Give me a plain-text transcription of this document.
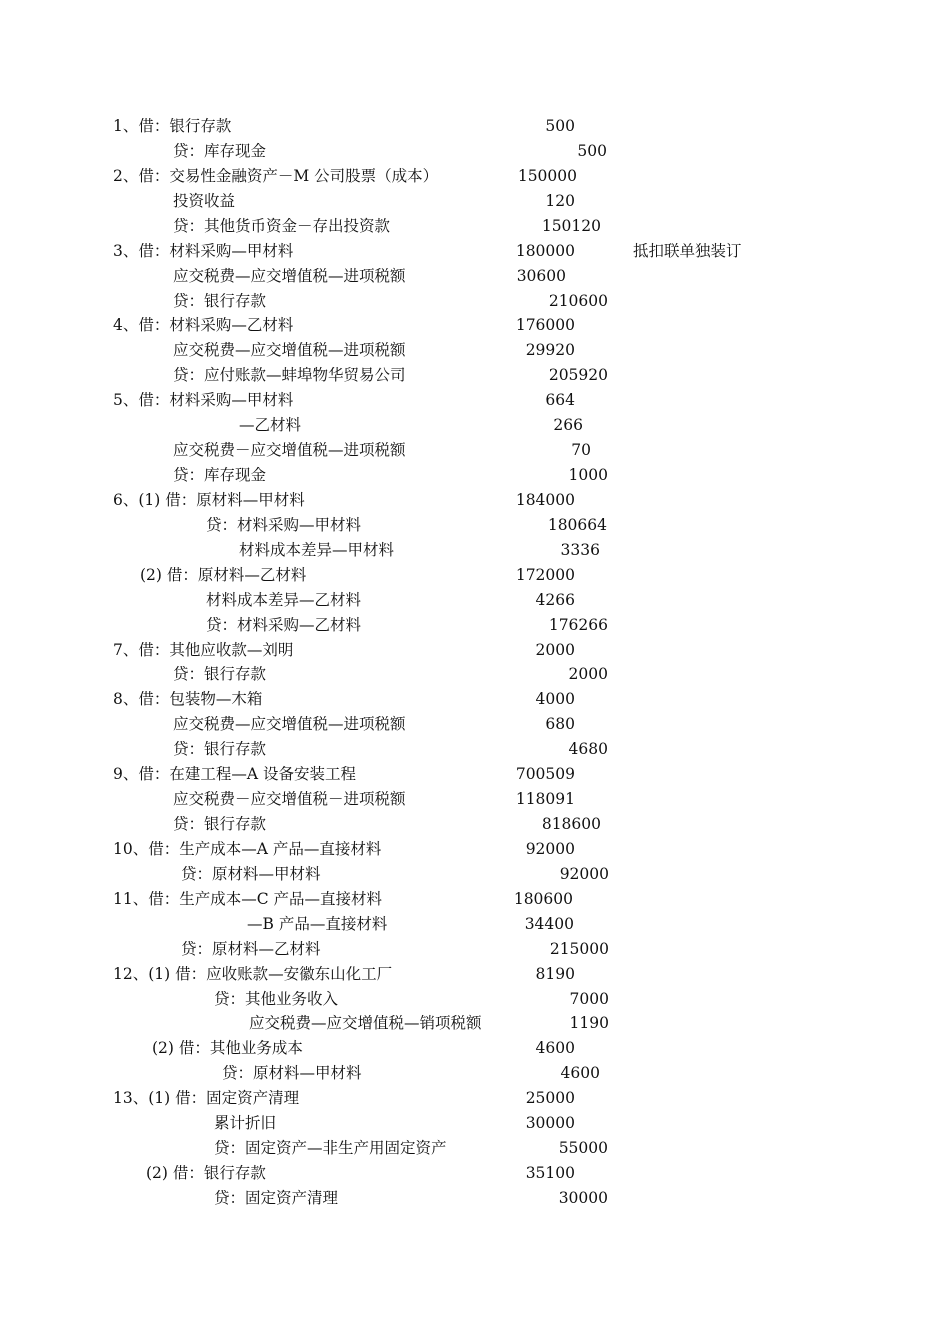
1、借：银行存款	500
贷：库存现金	500
2、借：交易性金融资产－M 公司股票（成本）	150000
投资收益	120
贷：其他货币资金－存出投资款	150120
3、借：材料采购—甲材料	180000	抵扣联单独装订
应交税费—应交增值税—进项税额	30600
贷：银行存款	210600
4、借：材料采购—乙材料	176000
应交税费—应交增值税—进项税额	29920
贷：应付账款—蚌埠物华贸易公司	205920
5、借：材料采购—甲材料	664
—乙材料	266
应交税费－应交增值税—进项税额	70
贷：库存现金	1000
6、(1) 借：原材料—甲材料	184000
贷：材料采购—甲材料	180664
材料成本差异—甲材料	3336
(2) 借：原材料—乙材料	172000
材料成本差异—乙材料	4266
贷：材料采购—乙材料	176266
7、借：其他应收款—刘明	2000
贷：银行存款	2000
8、借：包装物—木箱	4000
应交税费—应交增值税—进项税额	680
贷：银行存款	4680
9、借：在建工程—A 设备安装工程	700509
应交税费－应交增值税－进项税额	118091
贷：银行存款	818600
10、借：生产成本—A 产品—直接材料	92000
贷：原材料—甲材料	92000
11、借：生产成本—C 产品—直接材料	180600
—B 产品—直接材料	34400
贷：原材料—乙材料	215000
12、(1) 借：应收账款—安徽东山化工厂	8190
贷：其他业务收入	7000
应交税费—应交增值税—销项税额	1190
(2) 借：其他业务成本	4600
贷：原材料—甲材料	4600
13、(1) 借：固定资产清理	25000
累计折旧	30000
贷：固定资产—非生产用固定资产	55000
(2) 借：银行存款	35100
贷：固定资产清理	30000
